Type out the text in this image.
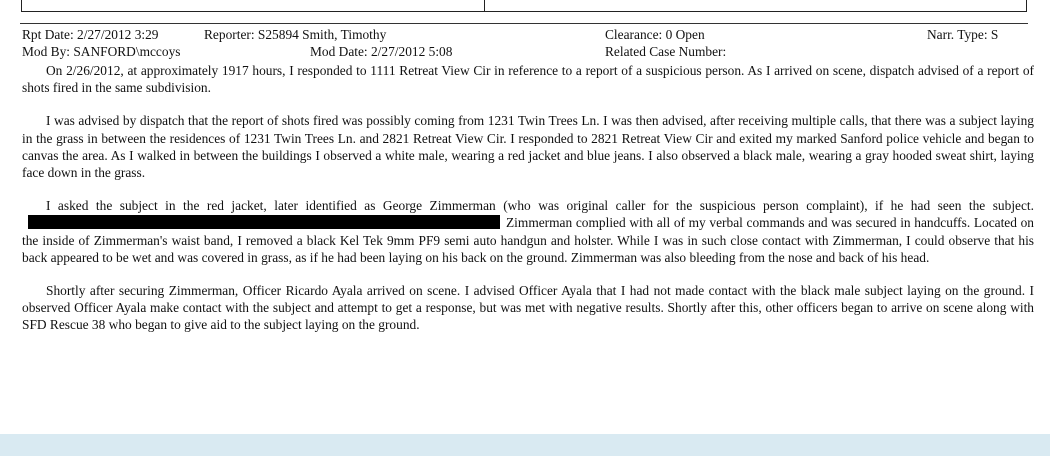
Rpt Date: 2/27/2012 3:29	Reporter: S25894 Smith, Timothy	Clearance: 0 Open	Narr. Type: S
Mod By: SANFORD\mccoys	Mod Date: 2/27/2012 5:08	Related Case Number:

On 2/26/2012, at approximately 1917 hours, I responded to 1111 Retreat View Cir in reference to a report of a suspicious person. As I arrived on scene, dispatch advised of a report of shots fired in the same subdivision.

I was advised by dispatch that the report of shots fired was possibly coming from 1231 Twin Trees Ln. I was then advised, after receiving multiple calls, that there was a subject laying in the grass in between the residences of 1231 Twin Trees Ln. and 2821 Retreat View Cir. I responded to 2821 Retreat View Cir and exited my marked Sanford police vehicle and began to canvas the area. As I walked in between the buildings I observed a white male, wearing a red jacket and blue jeans. I also observed a black male, wearing a gray hooded sweat shirt, laying face down in the grass.

I asked the subject in the red jacket, later identified as George Zimmerman (who was original caller for the suspicious person complaint), if he had seen the subject.Zimmerman complied with all of my verbal commands and was secured in handcuffs. Located on the inside of Zimmerman's waist band, I removed a black Kel Tek 9mm PF9 semi auto handgun and holster. While I was in such close contact with Zimmerman, I could observe that his back appeared to be wet and was covered in grass, as if he had been laying on his back on the ground. Zimmerman was also bleeding from the nose and back of his head.

Shortly after securing Zimmerman, Officer Ricardo Ayala arrived on scene. I advised Officer Ayala that I had not made contact with the black male subject laying on the ground. I observed Officer Ayala make contact with the subject and attempt to get a response, but was met with negative results. Shortly after this, other officers began to arrive on scene along with SFD Rescue 38 who began to give aid to the subject laying on the ground.
